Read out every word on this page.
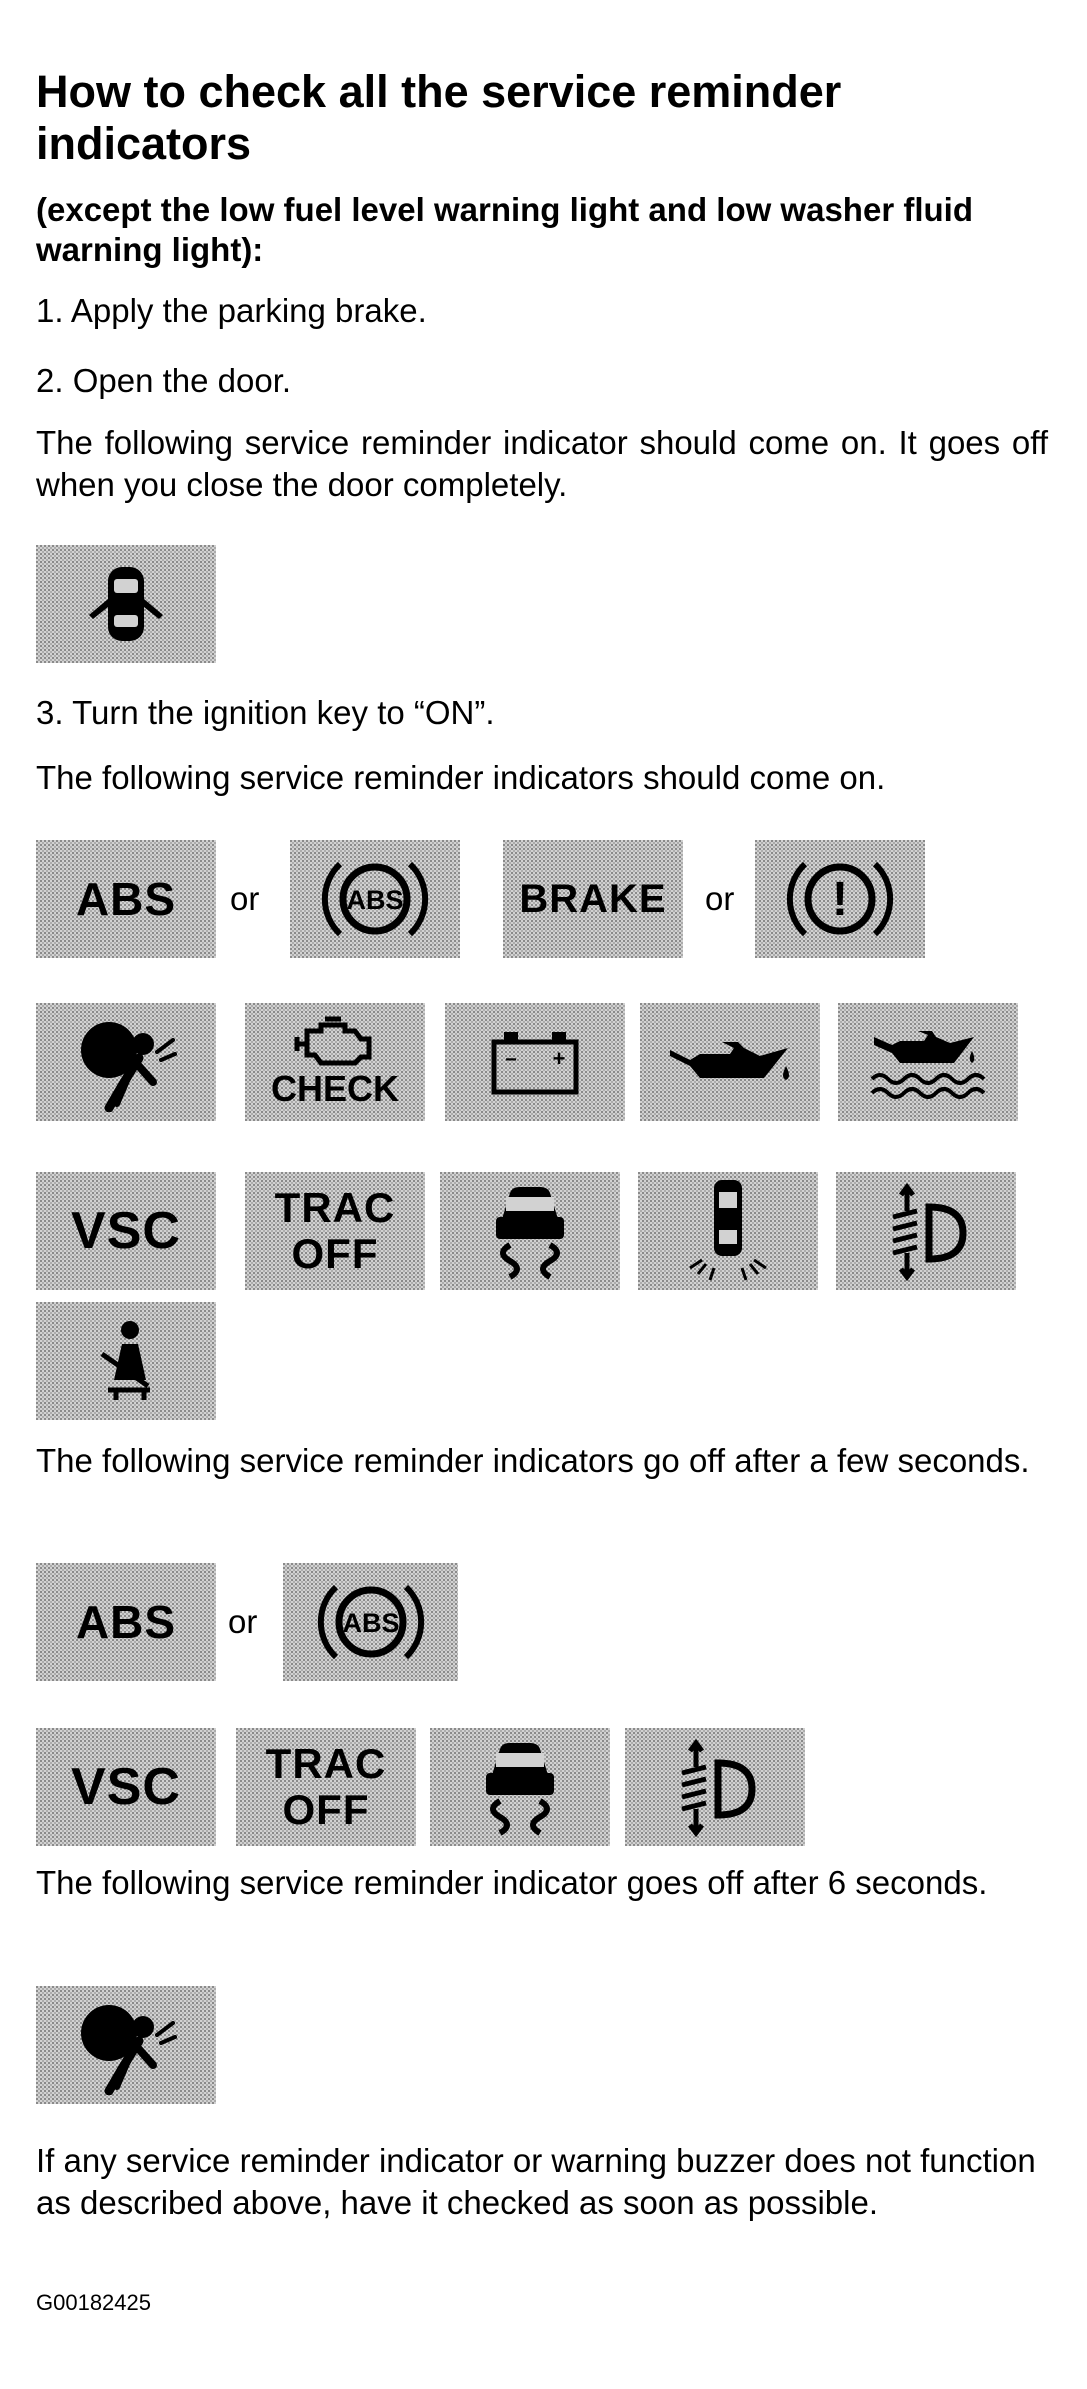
How to check all the service reminder indicators
(except the low fuel level warning light and low washer fluid warning light):
1. Apply the parking brake.
2. Open the door.
The following service reminder indicator should come on. It goes off when you close the door completely.
3. Turn the ignition key to “ON”.
The following service reminder indicators should come on.
ABS or	ABS	BRAKE or !
CHECK
− +
VSC TRAC
OFF
The following service reminder indicators go off after a few seconds.
ABS or	ABS
VSC TRAC
OFF
The following service reminder indicator goes off after 6 seconds.
If any service reminder indicator or warning buzzer does not function as described above, have it checked as soon as possible.
G00182425
